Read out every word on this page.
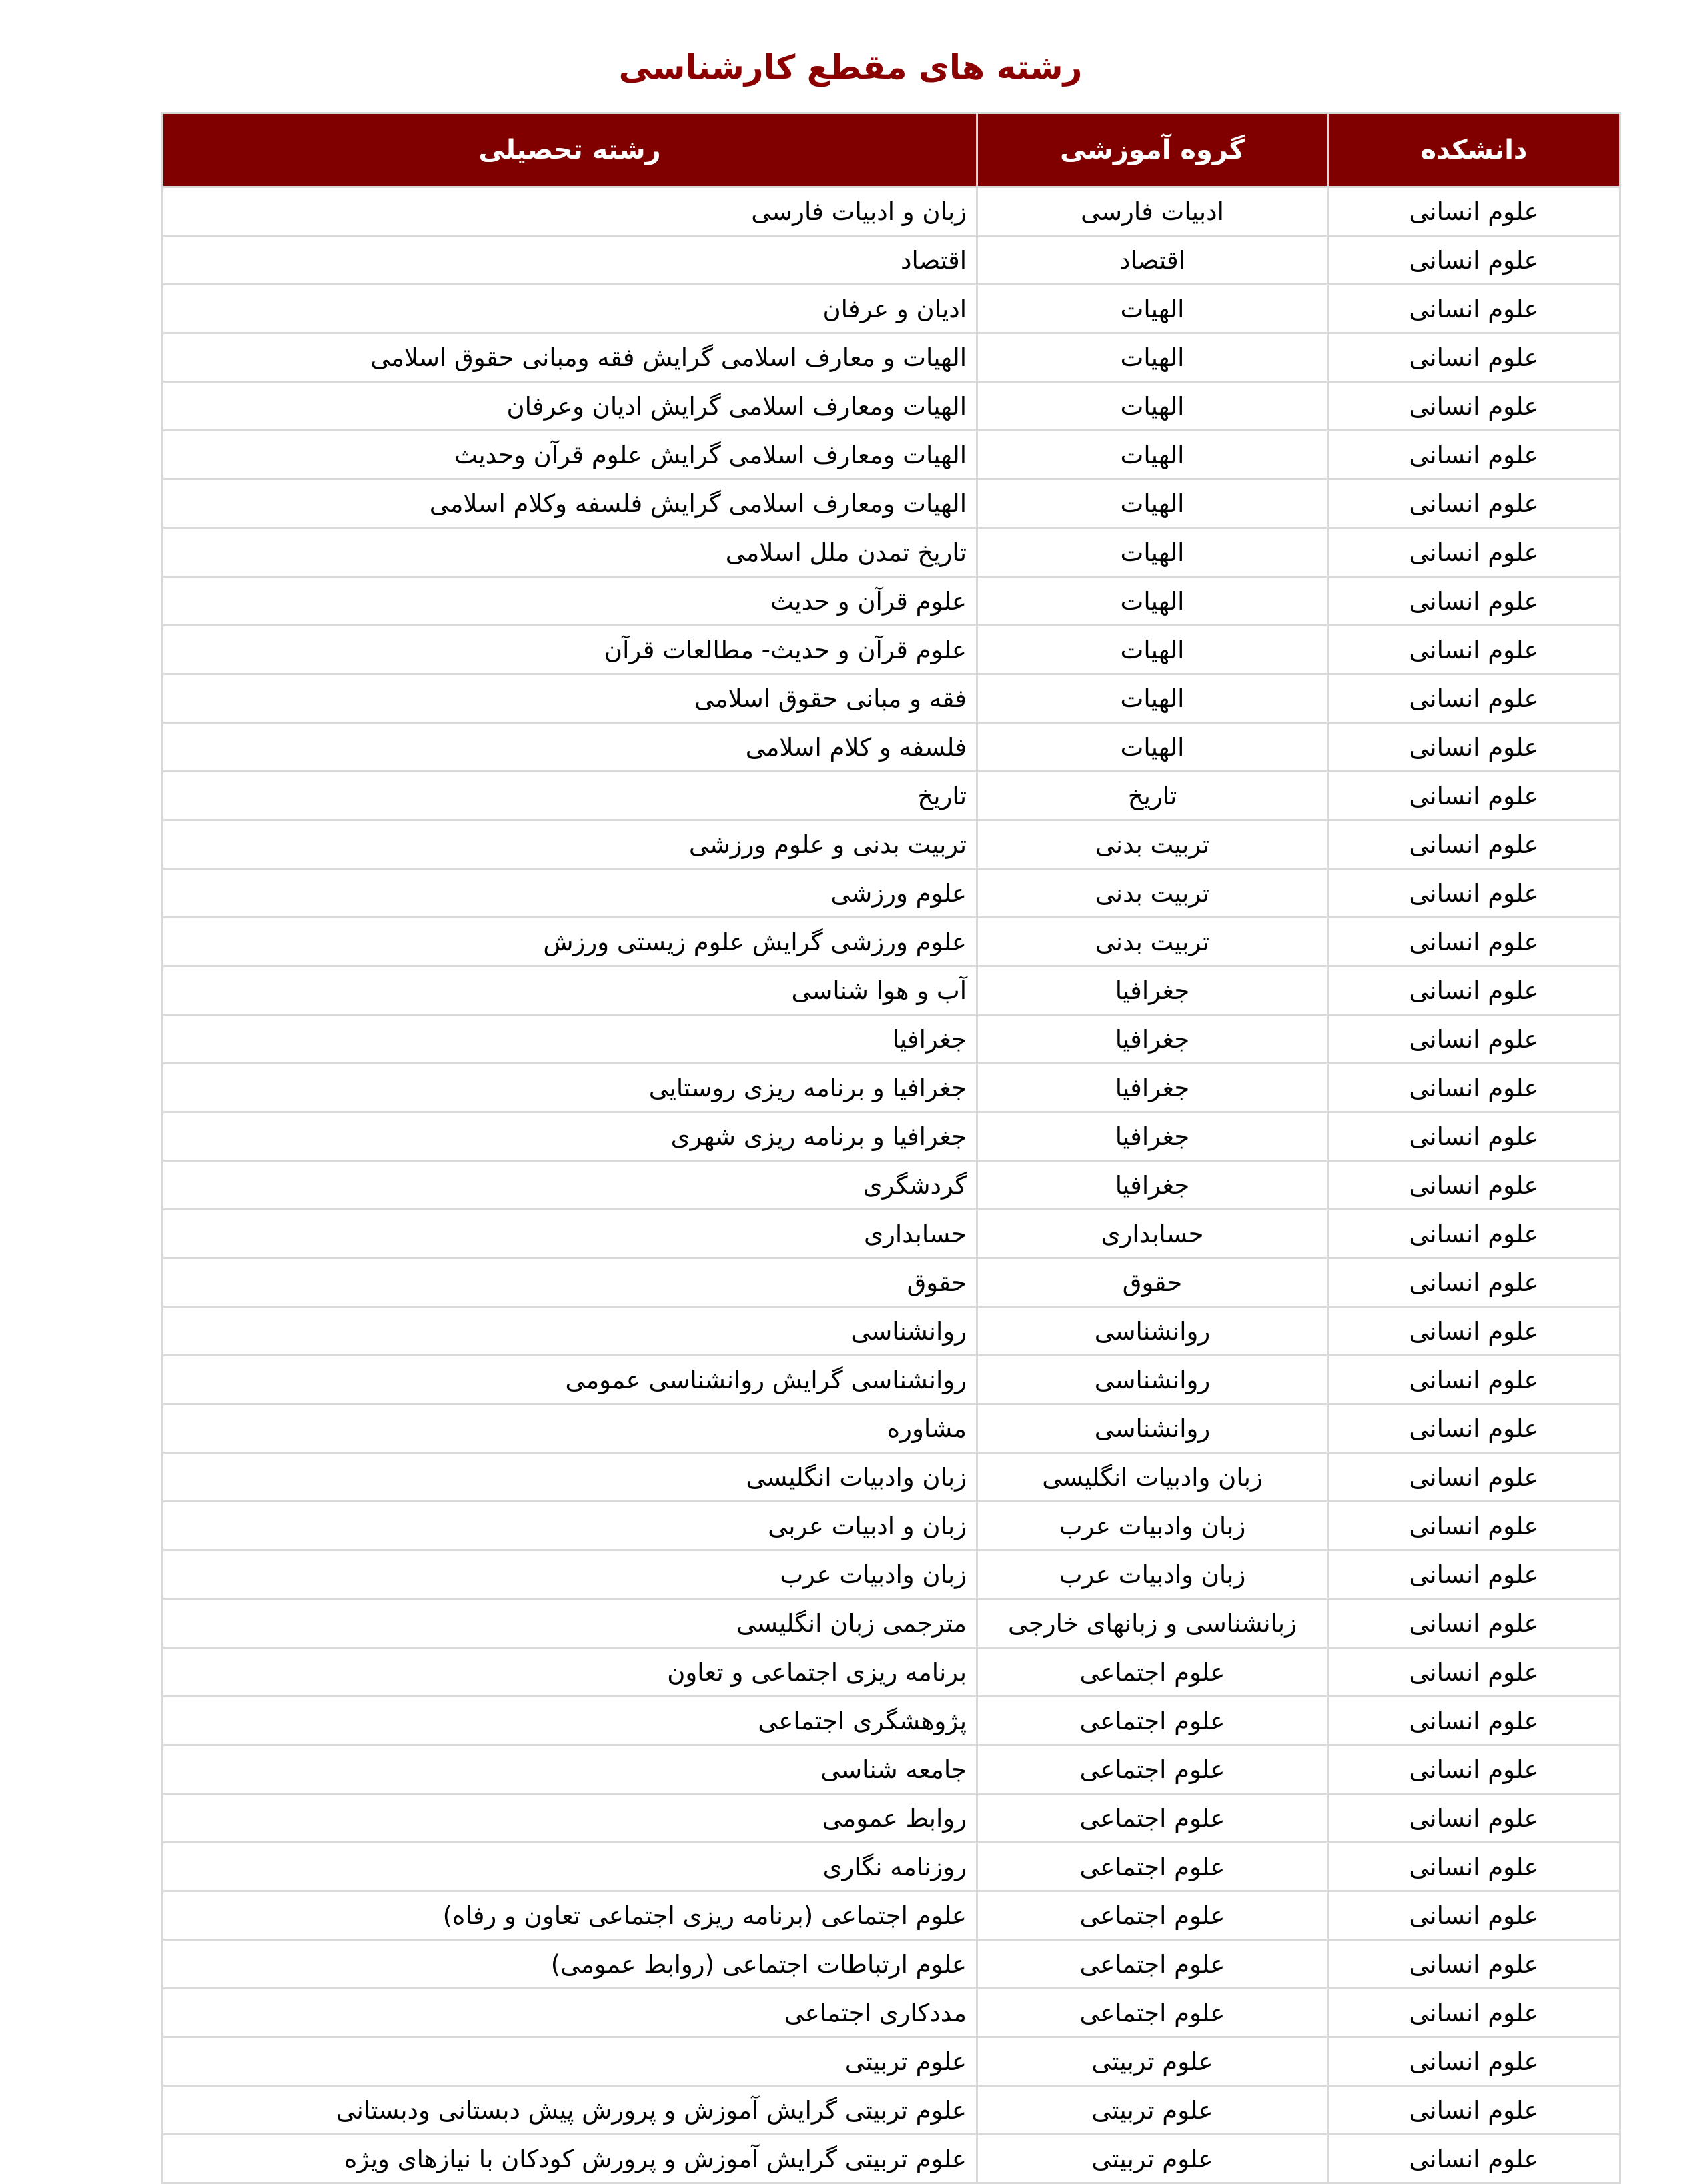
رشته های مقطع کارشناسی
دانشکده	گروه آموزشی	رشته تحصیلی
علوم انسانی	ادبیات فارسی	زبان و ادبیات فارسی
علوم انسانی	اقتصاد	اقتصاد
علوم انسانی	الهیات	ادیان و عرفان
علوم انسانی	الهیات	الهیات و معارف اسلامی گرایش فقه ومبانی حقوق اسلامی
علوم انسانی	الهیات	الهیات ومعارف اسلامی گرایش ادیان وعرفان
علوم انسانی	الهیات	الهیات ومعارف اسلامی گرایش علوم قرآن وحدیث
علوم انسانی	الهیات	الهیات ومعارف اسلامی گرایش فلسفه وکلام اسلامی
علوم انسانی	الهیات	تاریخ تمدن ملل اسلامی
علوم انسانی	الهیات	علوم قرآن و حدیث
علوم انسانی	الهیات	علوم قرآن و حدیث- مطالعات قرآن
علوم انسانی	الهیات	فقه و مبانی حقوق اسلامی
علوم انسانی	الهیات	فلسفه و کلام اسلامی
علوم انسانی	تاریخ	تاریخ
علوم انسانی	تربیت بدنی	تربیت بدنی و علوم ورزشی
علوم انسانی	تربیت بدنی	علوم ورزشی
علوم انسانی	تربیت بدنی	علوم ورزشی گرایش علوم زیستی ورزش
علوم انسانی	جغرافیا	آب و هوا شناسی
علوم انسانی	جغرافیا	جغرافیا
علوم انسانی	جغرافیا	جغرافیا و برنامه ریزی روستایی
علوم انسانی	جغرافیا	جغرافیا و برنامه ریزی شهری
علوم انسانی	جغرافیا	گردشگری
علوم انسانی	حسابداری	حسابداری
علوم انسانی	حقوق	حقوق
علوم انسانی	روانشناسی	روانشناسی
علوم انسانی	روانشناسی	روانشناسی گرایش روانشناسی عمومی
علوم انسانی	روانشناسی	مشاوره
علوم انسانی	زبان وادبیات انگلیسی	زبان وادبیات انگلیسی
علوم انسانی	زبان وادبیات عرب	زبان و ادبیات عربی
علوم انسانی	زبان وادبیات عرب	زبان وادبیات عرب
علوم انسانی	زبانشناسی و زبانهای خارجی	مترجمی زبان انگلیسی
علوم انسانی	علوم اجتماعی	برنامه ریزی اجتماعی و تعاون
علوم انسانی	علوم اجتماعی	پژوهشگری اجتماعی
علوم انسانی	علوم اجتماعی	جامعه شناسی
علوم انسانی	علوم اجتماعی	روابط عمومی
علوم انسانی	علوم اجتماعی	روزنامه نگاری
علوم انسانی	علوم اجتماعی	علوم اجتماعی (برنامه ریزی اجتماعی تعاون و رفاه)
علوم انسانی	علوم اجتماعی	علوم ارتباطات اجتماعی (روابط عمومی)
علوم انسانی	علوم اجتماعی	مددکاری اجتماعی
علوم انسانی	علوم تربیتی	علوم تربیتی
علوم انسانی	علوم تربیتی	علوم تربیتی گرایش آموزش و پرورش پیش دبستانی ودبستانی
علوم انسانی	علوم تربیتی	علوم تربیتی گرایش آموزش و پرورش کودکان با نیازهای ویژه
